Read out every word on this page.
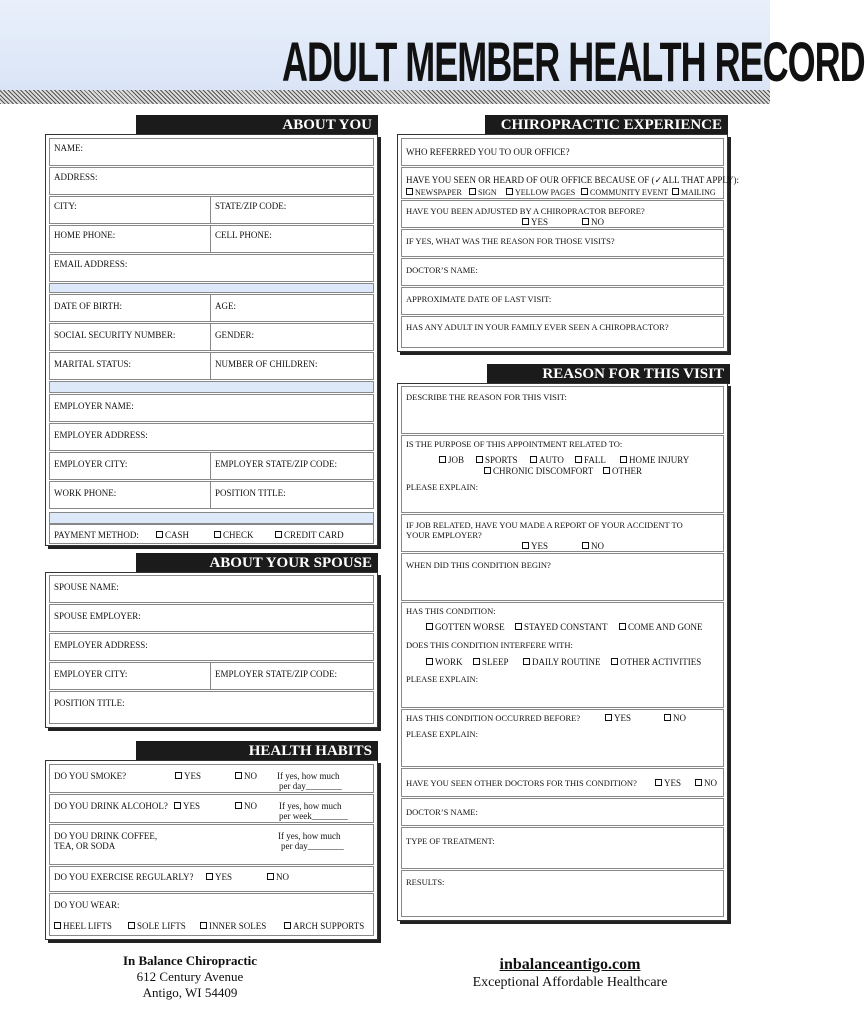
ADULT MEMBER HEALTH RECORD
ABOUT YOU
NAME:
ADDRESS:
CITY:	STATE/ZIP CODE:
HOME PHONE:	CELL PHONE:
EMAIL ADDRESS:
DATE OF BIRTH:	AGE:
SOCIAL SECURITY NUMBER:	GENDER:
MARITAL STATUS:	NUMBER OF CHILDREN:
EMPLOYER NAME:
EMPLOYER ADDRESS:
EMPLOYER CITY:	EMPLOYER STATE/ZIP CODE:
WORK PHONE:	POSITION TITLE:
PAYMENT METHOD:	CASH	CHECK	CREDIT CARD
ABOUT YOUR SPOUSE
SPOUSE NAME:
SPOUSE EMPLOYER:
EMPLOYER ADDRESS:
EMPLOYER CITY:	EMPLOYER STATE/ZIP CODE:
POSITION TITLE:
HEALTH HABITS
DO YOU SMOKE?	YES	NO If yes, how much
per day________
DO YOU DRINK ALCOHOL?	YES	NO If yes, how much
per week________
DO YOU DRINK COFFEE,
TEA, OR SODA
If yes, how much
per day________
DO YOU EXERCISE REGULARLY?	YES	NO
DO YOU WEAR:
HEEL LIFTS	SOLE LIFTS	INNER SOLES	ARCH SUPPORTS
CHIROPRACTIC EXPERIENCE
WHO REFERRED YOU TO OUR OFFICE?
HAVE YOU SEEN OR HEARD OF OUR OFFICE BECAUSE OF (✓ALL THAT APPLY):
NEWSPAPER	SIGN	YELLOW PAGES	COMMUNITY EVENT	MAILING
HAVE YOU BEEN ADJUSTED BY A CHIROPRACTOR BEFORE?
YES	NO
IF YES, WHAT WAS THE REASON FOR THOSE VISITS?
DOCTOR’S NAME:
APPROXIMATE DATE OF LAST VISIT:
HAS ANY ADULT IN YOUR FAMILY EVER SEEN A CHIROPRACTOR?
REASON FOR THIS VISIT
DESCRIBE THE REASON FOR THIS VISIT:
IS THE PURPOSE OF THIS APPOINTMENT RELATED TO:
JOB	SPORTS	AUTO	FALL	HOME INJURY
CHRONIC DISCOMFORT	OTHER
PLEASE EXPLAIN:
IF JOB RELATED, HAVE YOU MADE A REPORT OF YOUR ACCIDENT TO
YOUR EMPLOYER?
YES	NO
WHEN DID THIS CONDITION BEGIN?
HAS THIS CONDITION:
GOTTEN WORSE	STAYED CONSTANT	COME AND GONE
DOES THIS CONDITION INTERFERE WITH:
WORK	SLEEP	DAILY ROUTINE	OTHER ACTIVITIES
PLEASE EXPLAIN:
HAS THIS CONDITION OCCURRED BEFORE?	YES	NO
PLEASE EXPLAIN:
HAVE YOU SEEN OTHER DOCTORS FOR THIS CONDITION?	YES	NO
DOCTOR’S NAME:
TYPE OF TREATMENT:
RESULTS:
In Balance Chiropractic
612 Century Avenue
Antigo, WI 54409
inbalanceantigo.com
Exceptional Affordable Healthcare
